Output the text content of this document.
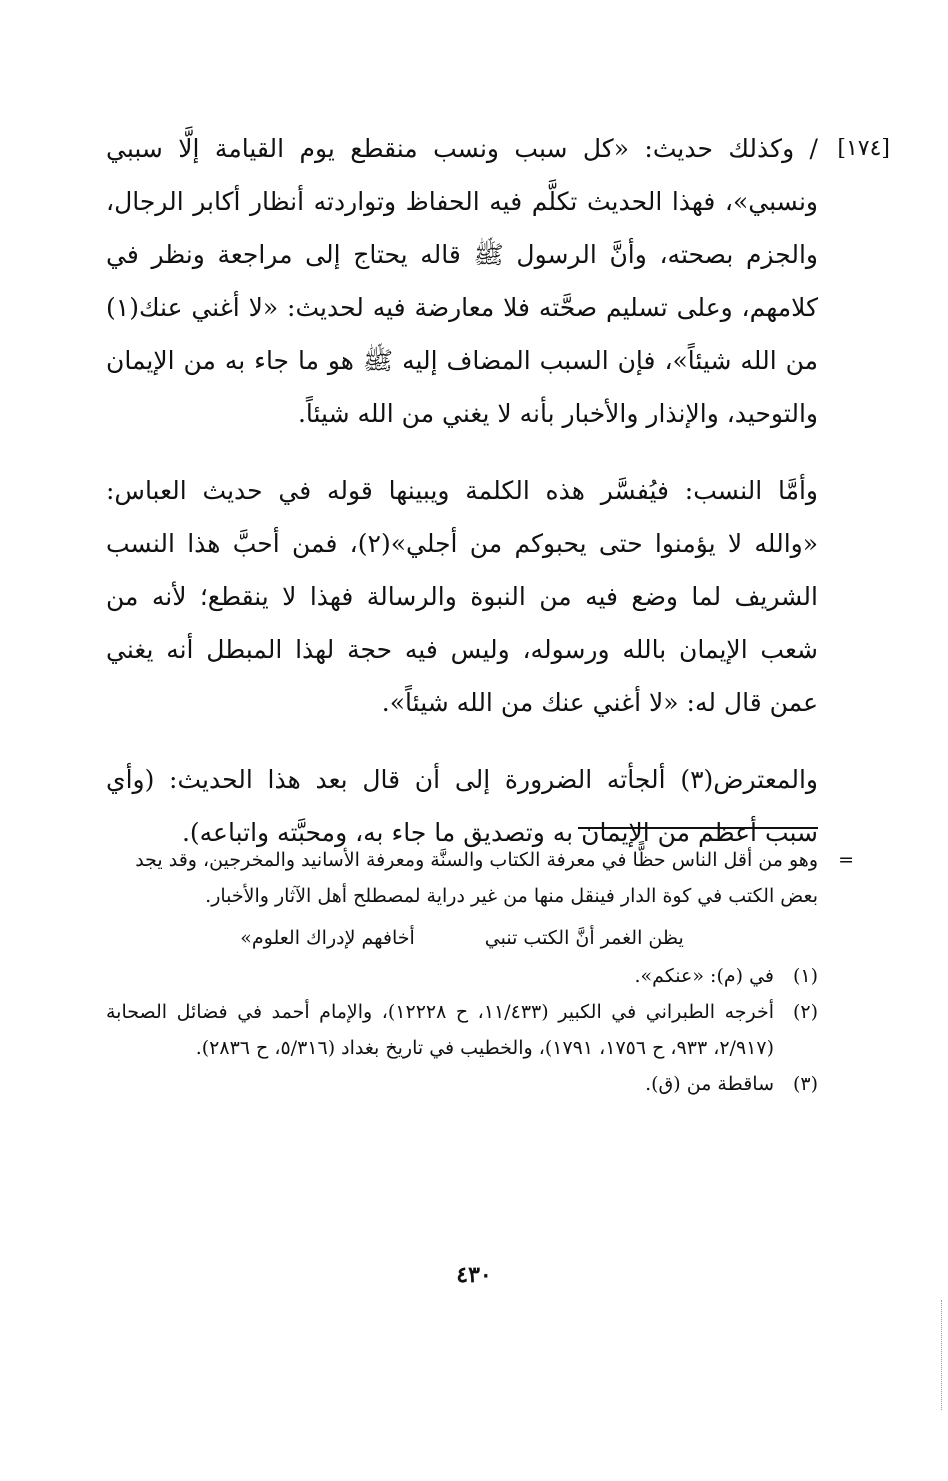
[١٧٤]

/ وكذلك حديث: «كل سبب ونسب منقطع يوم القيامة إلَّا سببي ونسبي»، فهذا الحديث تكلَّم فيه الحفاظ وتواردته أنظار أكابر الرجال، والجزم بصحته، وأنَّ الرسول ﷺ قاله يحتاج إلى مراجعة ونظر في كلامهم، وعلى تسليم صحَّته فلا معارضة فيه لحديث: «لا أغني عنك(١) من الله شيئاً»، فإن السبب المضاف إليه ﷺ هو ما جاء به من الإيمان والتوحيد، والإنذار والأخبار بأنه لا يغني من الله شيئاً.

وأمَّا النسب: فيُفسَّر هذه الكلمة ويبينها قوله في حديث العباس: «والله لا يؤمنوا حتى يحبوكم من أجلي»(٢)، فمن أحبَّ هذا النسب الشريف لما وضع فيه من النبوة والرسالة فهذا لا ينقطع؛ لأنه من شعب الإيمان بالله ورسوله، وليس فيه حجة لهذا المبطل أنه يغني عمن قال له: «لا أغني عنك من الله شيئاً».

والمعترض(٣) ألجأته الضرورة إلى أن قال بعد هذا الحديث: (وأي سبب أعظم من الإيمان به وتصديق ما جاء به، ومحبَّته واتباعه).

=

وهو من أقل الناس حظًّا في معرفة الكتاب والسنَّة ومعرفة الأسانيد والمخرجين، وقد يجد بعض الكتب في كوة الدار فينقل منها من غير دراية لمصطلح أهل الآثار والأخبار.

يظن الغمر أنَّ الكتب تنبي
أخافهم لإدراك العلوم»
(١)
في (م): «عنكم».
(٢)
أخرجه الطبراني في الكبير (١١/٤٣٣، ح ١٢٢٢٨)، والإمام أحمد في فضائل الصحابة (٢/٩١٧، ٩٣٣، ح ١٧٥٦، ١٧٩١)، والخطيب في تاريخ بغداد (٥/٣١٦، ح ٢٨٣٦).
(٣)
ساقطة من (ق).
٤٣٠
